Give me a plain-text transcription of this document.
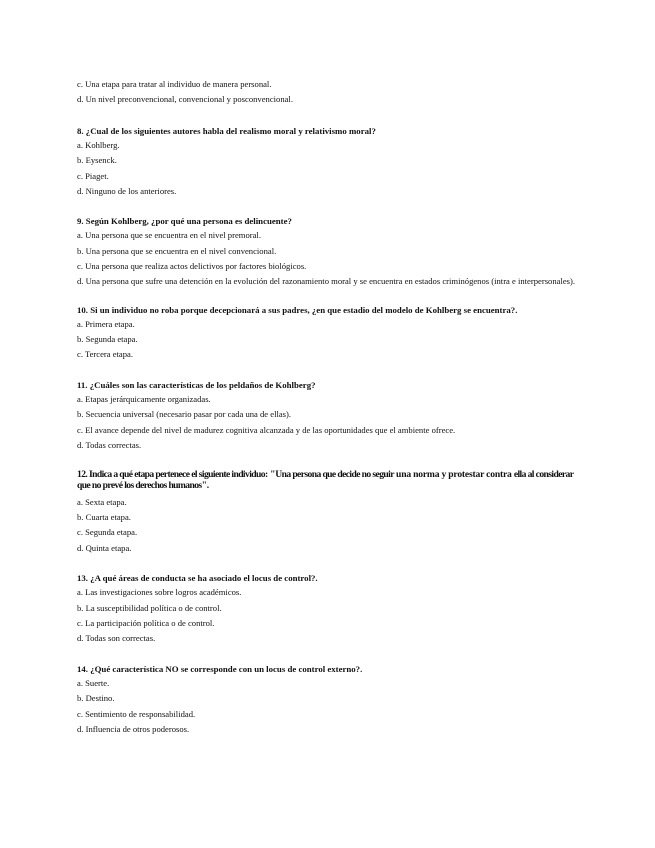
c. Una etapa para tratar al individuo de manera personal.

d. Un nivel preconvencional, convencional y posconvencional.

8. ¿Cual de los siguientes autores habla del realismo moral y relativismo moral?

a. Kohlberg.

b. Eysenck.

c. Piaget.

d. Ninguno de los anteriores.

9. Según Kohlberg, ¿por qué una persona es delincuente?

a. Una persona que se encuentra en el nivel premoral.

b. Una persona que se encuentra en el nivel convencional.

c. Una persona que realiza actos delictivos por factores biológicos.

d. Una persona que sufre una detención en la evolución del razonamiento moral y se encuentra en estados criminógenos (intra e interpersonales).

10. Si un individuo no roba porque decepcionará a sus padres, ¿en que estadio del modelo de Kohlberg se encuentra?.

a. Primera etapa.

b. Segunda etapa.

c. Tercera etapa.

11. ¿Cuáles son las características de los peldaños de Kohlberg?

a. Etapas jerárquicamente organizadas.

b. Secuencia universal (necesario pasar por cada una de ellas).

c. El avance depende del nivel de madurez cognitiva alcanzada y de las oportunidades que el ambiente ofrece.

d. Todas correctas.

12. Indica a qué etapa pertenece el siguiente individuo: "Una persona que decide no seguir una norma y protestar contra ella al considerar que no prevé los derechos humanos".

a. Sexta etapa.

b. Cuarta etapa.

c. Segunda etapa.

d. Quinta etapa.

13. ¿A qué áreas de conducta se ha asociado el locus de control?.

a. Las investigaciones sobre logros académicos.

b. La susceptibilidad política o de control.

c. La participación política o de control.

d. Todas son correctas.

14. ¿Qué característica NO se corresponde con un locus de control externo?.

a. Suerte.

b. Destino.

c. Sentimiento de responsabilidad.

d. Influencia de otros poderosos.
